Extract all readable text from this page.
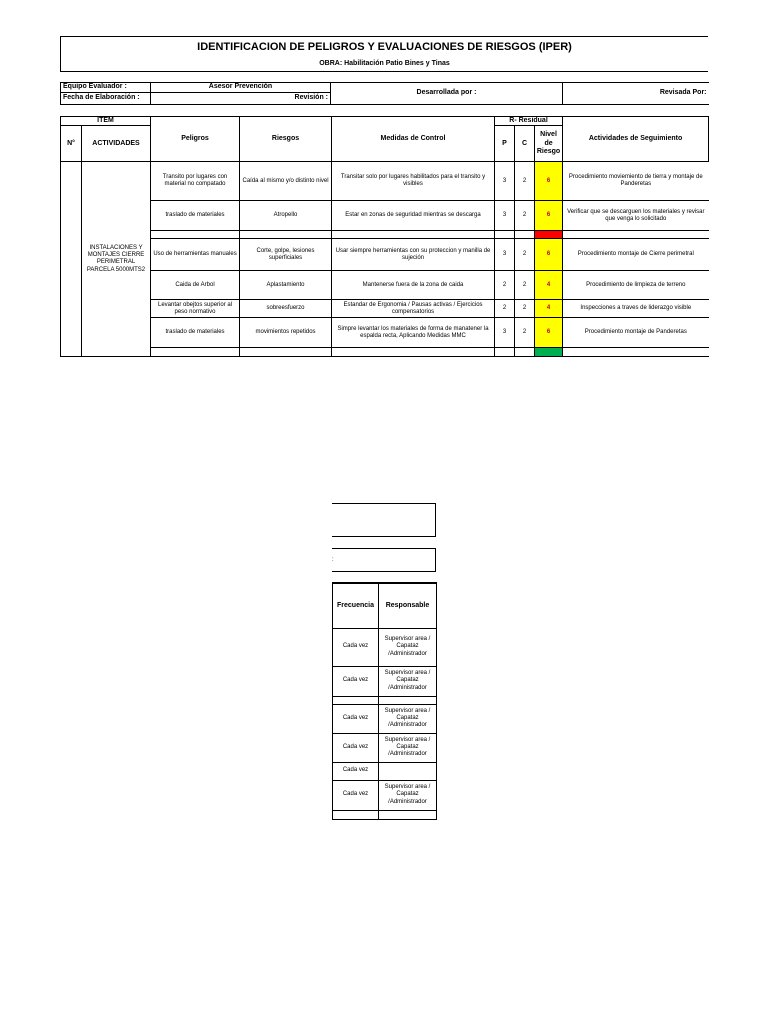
IDENTIFICACION DE PELIGROS Y EVALUACIONES DE RIESGOS (IPER)
OBRA: Habilitación Patio Bines y Tinas
Equipo Evaluador :	Asesor Prevención	Desarrollada por :	Revisada Por:
Fecha de Elaboración :	Revisión :		
ITEM		Peligros	Riesgos	Medidas de Control	R- Residual			Actividades de Seguimiento
N°	ACTIVIDADES				P	C	Nivel de Riesgo	
	INSTALACIONES Y MONTAJES CIERRE PERIMETRAL PARCELA 5000MTS2	Transito por lugares con material no compatado	Caída al mismo y/o distinto nivel	Transitar solo por lugares habilitados para el transito y visibles	3	2	6	Procedimiento moviemiento de tierra y montaje de Panderetas
		traslado de materiales	Atropello	Estar en zonas de seguridad mientras se descarga	3	2	6	Verificar que se descarguen los materiales y revisar que venga lo solicitado

		Uso de herramientas manuales	Corte, golpe, lesiones superficiales	Usar siempre herramientas con su proteccion y manilla de sujeción	3	2	6	Procedimiento montaje de Cierre perimetral
		Caida de Arbol	Aplastamiento	Mantenerse fuera de la zona de caida	2	2	4	Procedimiento de limpieza de terreno
		Levantar obejtos superior al peso normativo	sobreesfuerzo	Estandar de Ergonomia / Pausas activas / Ejercicios compensatorios	2	2	4	Inspecciones a traves de liderazgo visible
		traslado de materiales	movimientos repetidos	Simpre levantar los materiales de forma de manatener la espalda recta, Aplicando Medidas MMC	3	2	6	Procedimiento montaje de Panderetas

:
Frecuencia	Responsable
Cada vez	Supervisor area / Capataz /Administrador
Cada vez	Supervisor area / Capataz /Administrador

Cada vez	Supervisor area / Capataz /Administrador
Cada vez	Supervisor area / Capataz /Administrador
Cada vez	
Cada vez	Supervisor area / Capataz /Administrador
